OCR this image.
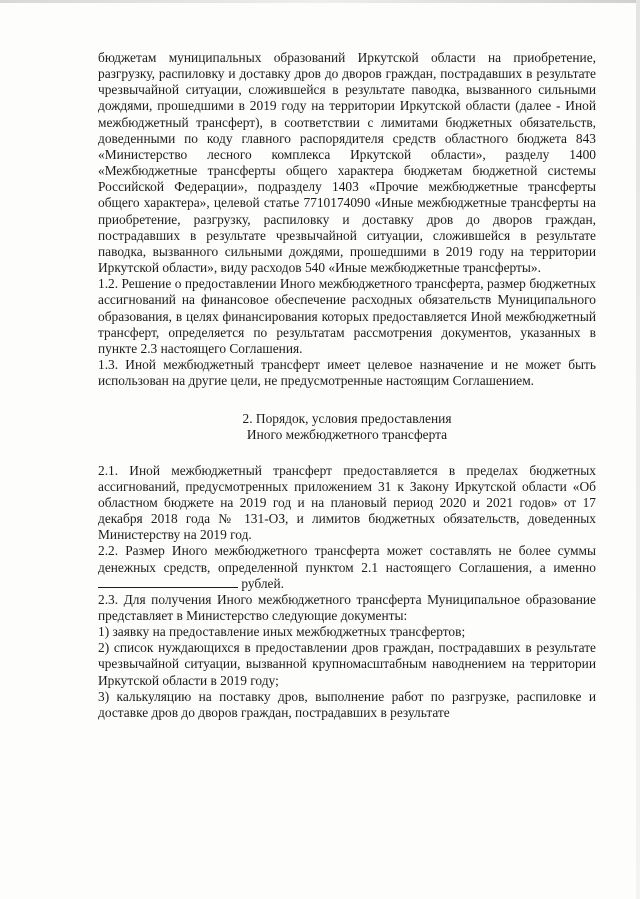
бюджетам муниципальных образований Иркутской области на приобретение, разгрузку, распиловку и доставку дров до дворов граждан, пострадавших в результате чрезвычайной ситуации, сложившейся в результате паводка, вызванного сильными дождями, прошедшими в 2019 году на территории Иркутской области (далее - Иной межбюджетный трансферт), в соответствии с лимитами бюджетных обязательств, доведенными по коду главного распорядителя средств областного бюджета 843 «Министерство лесного комплекса Иркутской области», разделу 1400 «Межбюджетные трансферты общего характера бюджетам бюджетной системы Российской Федерации», подразделу 1403 «Прочие межбюджетные трансферты общего характера», целевой статье 7710174090 «Иные межбюджетные трансферты на приобретение, разгрузку, распиловку и доставку дров до дворов граждан, пострадавших в результате чрезвычайной ситуации, сложившейся в результате паводка, вызванного сильными дождями, прошедшими в 2019 году на территории Иркутской области», виду расходов 540 «Иные межбюджетные трансферты».

1.2. Решение о предоставлении Иного межбюджетного трансферта, размер бюджетных ассигнований на финансовое обеспечение расходных обязательств Муниципального образования, в целях финансирования которых предоставляется Иной межбюджетный трансферт, определяется по результатам рассмотрения документов, указанных в пункте 2.3 настоящего Соглашения.

1.3. Иной межбюджетный трансферт имеет целевое назначение и не может быть использован на другие цели, не предусмотренные настоящим Соглашением.

2. Порядок, условия предоставления
Иного межбюджетного трансферта

2.1. Иной межбюджетный трансферт предоставляется в пределах бюджетных ассигнований, предусмотренных приложением 31 к Закону Иркутской области «Об областном бюджете на 2019 год и на плановый период 2020 и 2021 годов» от 17 декабря 2018 года № 131-ОЗ, и лимитов бюджетных обязательств, доведенных Министерству на 2019 год.

2.2. Размер Иного межбюджетного трансферта может составлять не более суммы денежных средств, определенной пунктом 2.1 настоящего Соглашения, а именно  рублей.

2.3. Для получения Иного межбюджетного трансферта Муниципальное образование представляет в Министерство следующие документы:

1) заявку на предоставление иных межбюджетных трансфертов;

2) список нуждающихся в предоставлении дров граждан, пострадавших в результате чрезвычайной ситуации, вызванной крупномасштабным наводнением на территории Иркутской области в 2019 году;

3) калькуляцию на поставку дров, выполнение работ по разгрузке, распиловке и доставке дров до дворов граждан, пострадавших в результате
